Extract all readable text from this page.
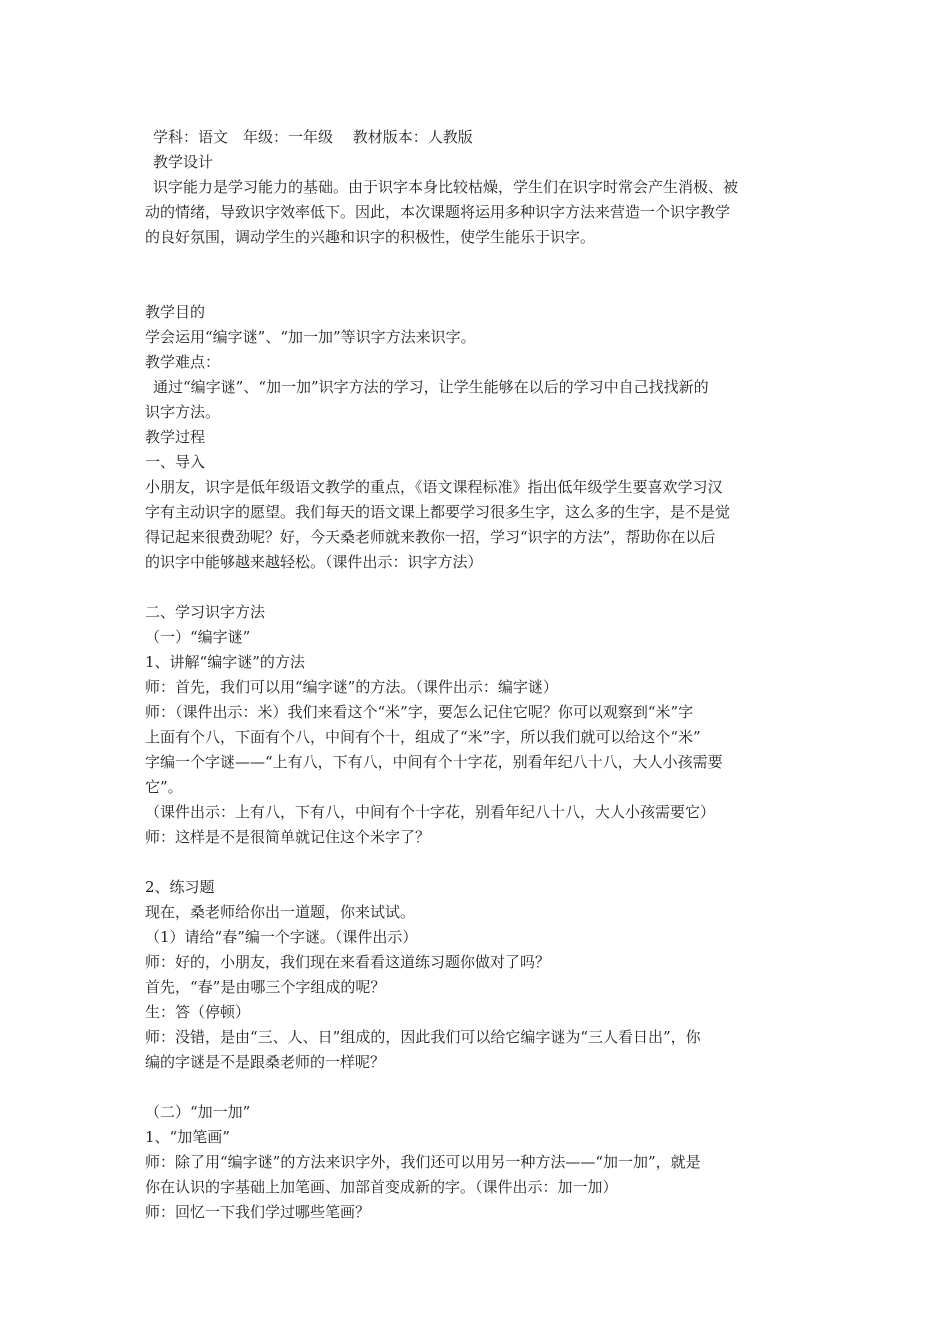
学科：语文　年级：一年级　 教材版本：人教版
教学设计
识字能力是学习能力的基础。由于识字本身比较枯燥，学生们在识字时常会产生消极、被
动的情绪，导致识字效率低下。因此，本次课题将运用多种识字方法来营造一个识字教学
的良好氛围，调动学生的兴趣和识字的积极性，使学生能乐于识字。
教学目的
学会运用“编字谜”、“加一加”等识字方法来识字。
教学难点：
通过“编字谜”、“加一加”识字方法的学习，让学生能够在以后的学习中自己找找新的
识字方法。
教学过程
一、导入
小朋友，识字是低年级语文教学的重点，《语文课程标准》指出低年级学生要喜欢学习汉
字有主动识字的愿望。我们每天的语文课上都要学习很多生字，这么多的生字，是不是觉
得记起来很费劲呢？好，今天桑老师就来教你一招，学习“识字的方法”，帮助你在以后
的识字中能够越来越轻松。（课件出示：识字方法）
二、学习识字方法
（一）“编字谜”
1、讲解“编字谜”的方法
师：首先，我们可以用“编字谜”的方法。（课件出示：编字谜）
师：（课件出示：米）我们来看这个“米”字，要怎么记住它呢？你可以观察到“米”字
上面有个八，下面有个八，中间有个十，组成了“米”字，所以我们就可以给这个“米”
字编一个字谜——“上有八，下有八，中间有个十字花，别看年纪八十八，大人小孩需要
它”。
（课件出示：上有八，下有八，中间有个十字花，别看年纪八十八，大人小孩需要它）
师：这样是不是很简单就记住这个米字了？
2、练习题
现在，桑老师给你出一道题，你来试试。
（1）请给“春”编一个字谜。（课件出示）
师：好的，小朋友，我们现在来看看这道练习题你做对了吗？
首先，“春”是由哪三个字组成的呢？
生：答（停顿）
师：没错，是由“三、人、日”组成的，因此我们可以给它编字谜为“三人看日出”，你
编的字谜是不是跟桑老师的一样呢？
（二）“加一加”
1、“加笔画”
师：除了用“编字谜”的方法来识字外，我们还可以用另一种方法——“加一加”，就是
你在认识的字基础上加笔画、加部首变成新的字。（课件出示：加一加）
师：回忆一下我们学过哪些笔画？
